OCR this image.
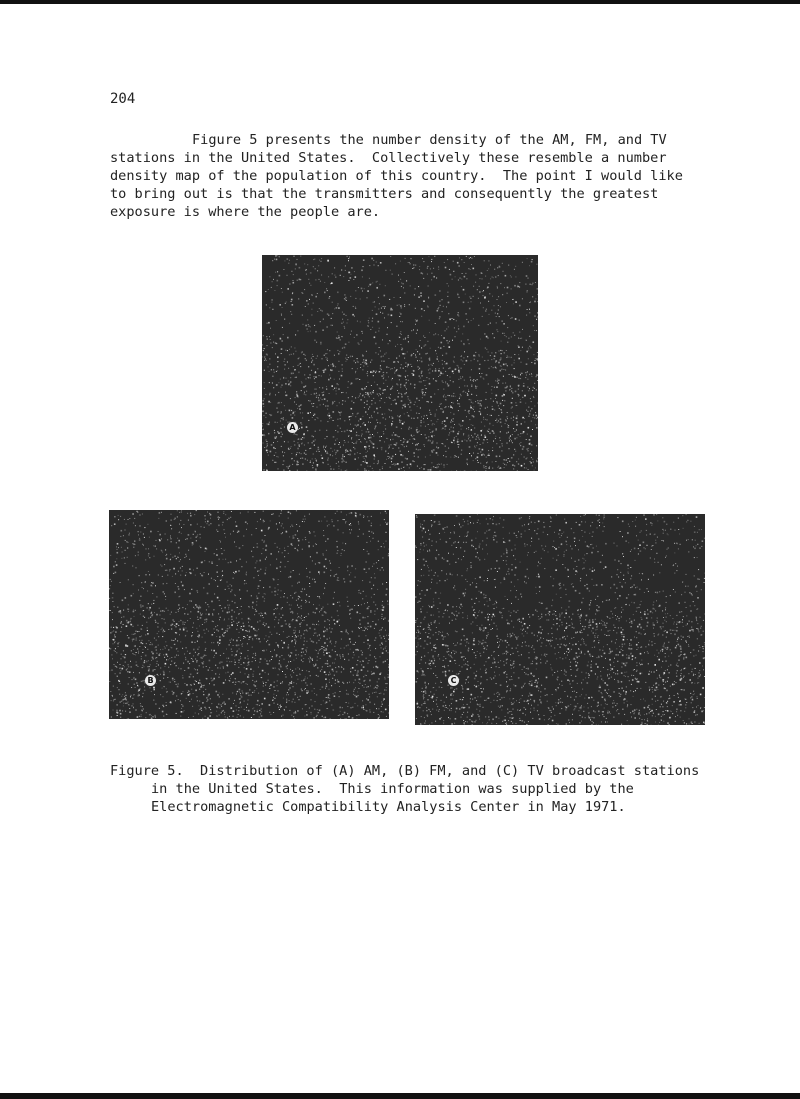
204
Figure 5 presents the number density of the AM, FM, and TV
stations in the United States.  Collectively these resemble a number
density map of the population of this country.  The point I would like
to bring out is that the transmitters and consequently the greatest
exposure is where the people are.
A
B	C
Figure 5.  Distribution of (A) AM, (B) FM, and (C) TV broadcast stations
in the United States.  This information was supplied by the
Electromagnetic Compatibility Analysis Center in May 1971.
